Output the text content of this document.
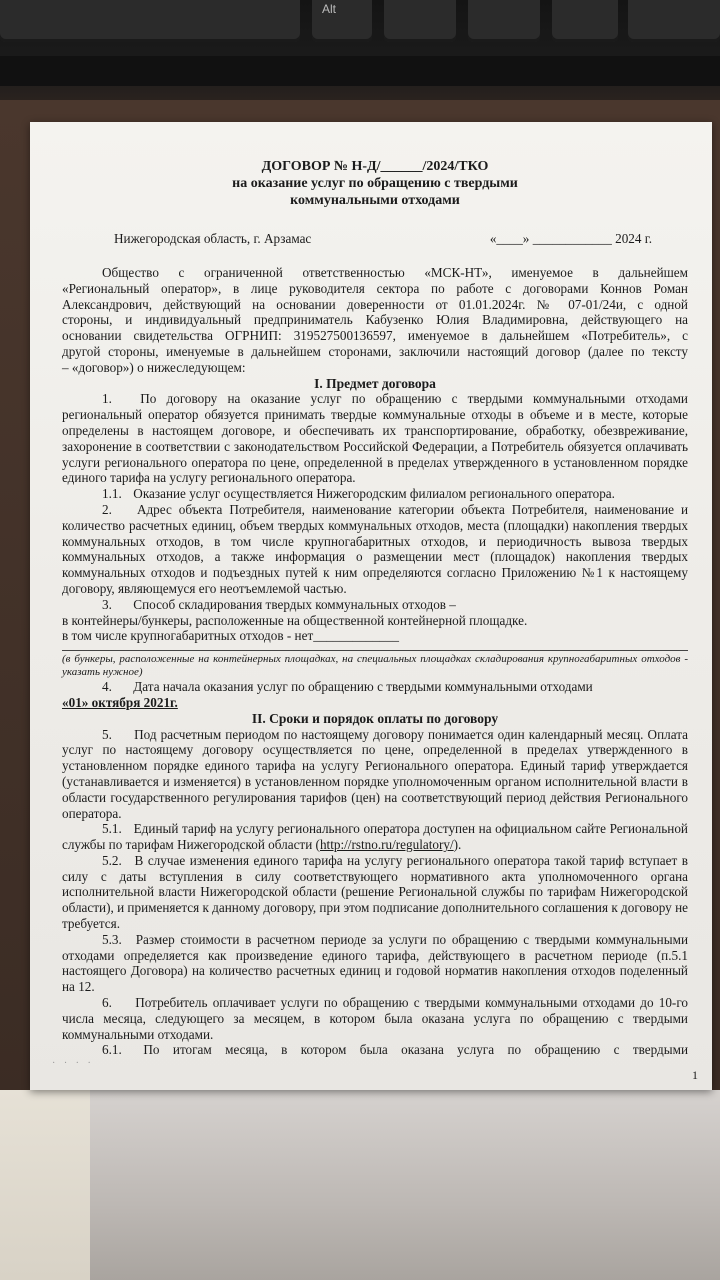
Alt
ДОГОВОР № Н-Д/______/2024/ТКО
на оказание услуг по обращению с твердыми
коммунальными отходами
Нижегородская область, г. Арзамас	«____» ____________ 2024 г.

Общество с ограниченной ответственностью «МСК-НТ», именуемое в дальнейшем

«Региональный оператор», в лице руководителя сектора по работе с договорами Коннов Роман

Александрович, действующий на основании доверенности от 01.01.2024г. № 07-01/24и, с одной

стороны, и индивидуальный предприниматель Кабузенко Юлия Владимировна, действующего на

основании свидетельства ОГРНИП: 319527500136597, именуемое в дальнейшем «Потребитель», с

другой стороны, именуемые в дальнейшем сторонами, заключили настоящий договор (далее по тексту

– «договор») о нижеследующем:

I. Предмет договора

1. По договору на оказание услуг по обращению с твердыми коммунальными отходами региональный оператор обязуется принимать твердые коммунальные отходы в объеме и в месте, которые определены в настоящем договоре, и обеспечивать их транспортирование, обработку, обезвреживание, захоронение в соответствии с законодательством Российской Федерации, а Потребитель обязуется оплачивать услуги регионального оператора по цене, определенной в пределах утвержденного в установленном порядке единого тарифа на услугу регионального оператора.

1.1. Оказание услуг осуществляется Нижегородским филиалом регионального оператора.

2. Адрес объекта Потребителя, наименование категории объекта Потребителя, наименование и количество расчетных единиц, объем твердых коммунальных отходов, места (площадки) накопления твердых коммунальных отходов, в том числе крупногабаритных отходов, и периодичность вывоза твердых коммунальных отходов, а также информация о размещении мест (площадок) накопления твердых коммунальных отходов и подъездных путей к ним определяются согласно Приложению №1 к настоящему договору, являющемуся его неотъемлемой частью.

3. Способ складирования твердых коммунальных отходов –

в контейнеры/бункеры, расположенные на общественной контейнерной площадке.

в том числе крупногабаритных отходов - нет_____________

(в бункеры, расположенные на контейнерных площадках, на специальных площадках складирования крупногабаритных отходов - указать нужное)

4. Дата начала оказания услуг по обращению с твердыми коммунальными отходами

«01» октября 2021г.

II. Сроки и порядок оплаты по договору

5. Под расчетным периодом по настоящему договору понимается один календарный месяц. Оплата услуг по настоящему договору осуществляется по цене, определенной в пределах утвержденного в установленном порядке единого тарифа на услугу Регионального оператора. Единый тариф утверждается (устанавливается и изменяется) в установленном порядке уполномоченным органом исполнительной власти в области государственного регулирования тарифов (цен) на соответствующий период действия Регионального оператора.

5.1. Единый тариф на услугу регионального оператора доступен на официальном сайте Региональной службы по тарифам Нижегородской области (http://rstno.ru/regulatory/).

5.2. В случае изменения единого тарифа на услугу регионального оператора такой тариф вступает в силу с даты вступления в силу соответствующего нормативного акта уполномоченного органа исполнительной власти Нижегородской области (решение Региональной службы по тарифам Нижегородской области), и применяется к данному договору, при этом подписание дополнительного соглашения к договору не требуется.

5.3. Размер стоимости в расчетном периоде за услуги по обращению с твердыми коммунальными отходами определяется как произведение единого тарифа, действующего в расчетном периоде (п.5.1 настоящего Договора) на количество расчетных единиц и годовой норматив накопления отходов поделенный на 12.

6. Потребитель оплачивает услуги по обращению с твердыми коммунальными отходами до 10-го числа месяца, следующего за месяцем, в котором была оказана услуга по обращению с твердыми коммунальными отходами.

6.1. По итогам месяца, в котором была оказана услуга по обращению с твердыми

· · · ·
1
